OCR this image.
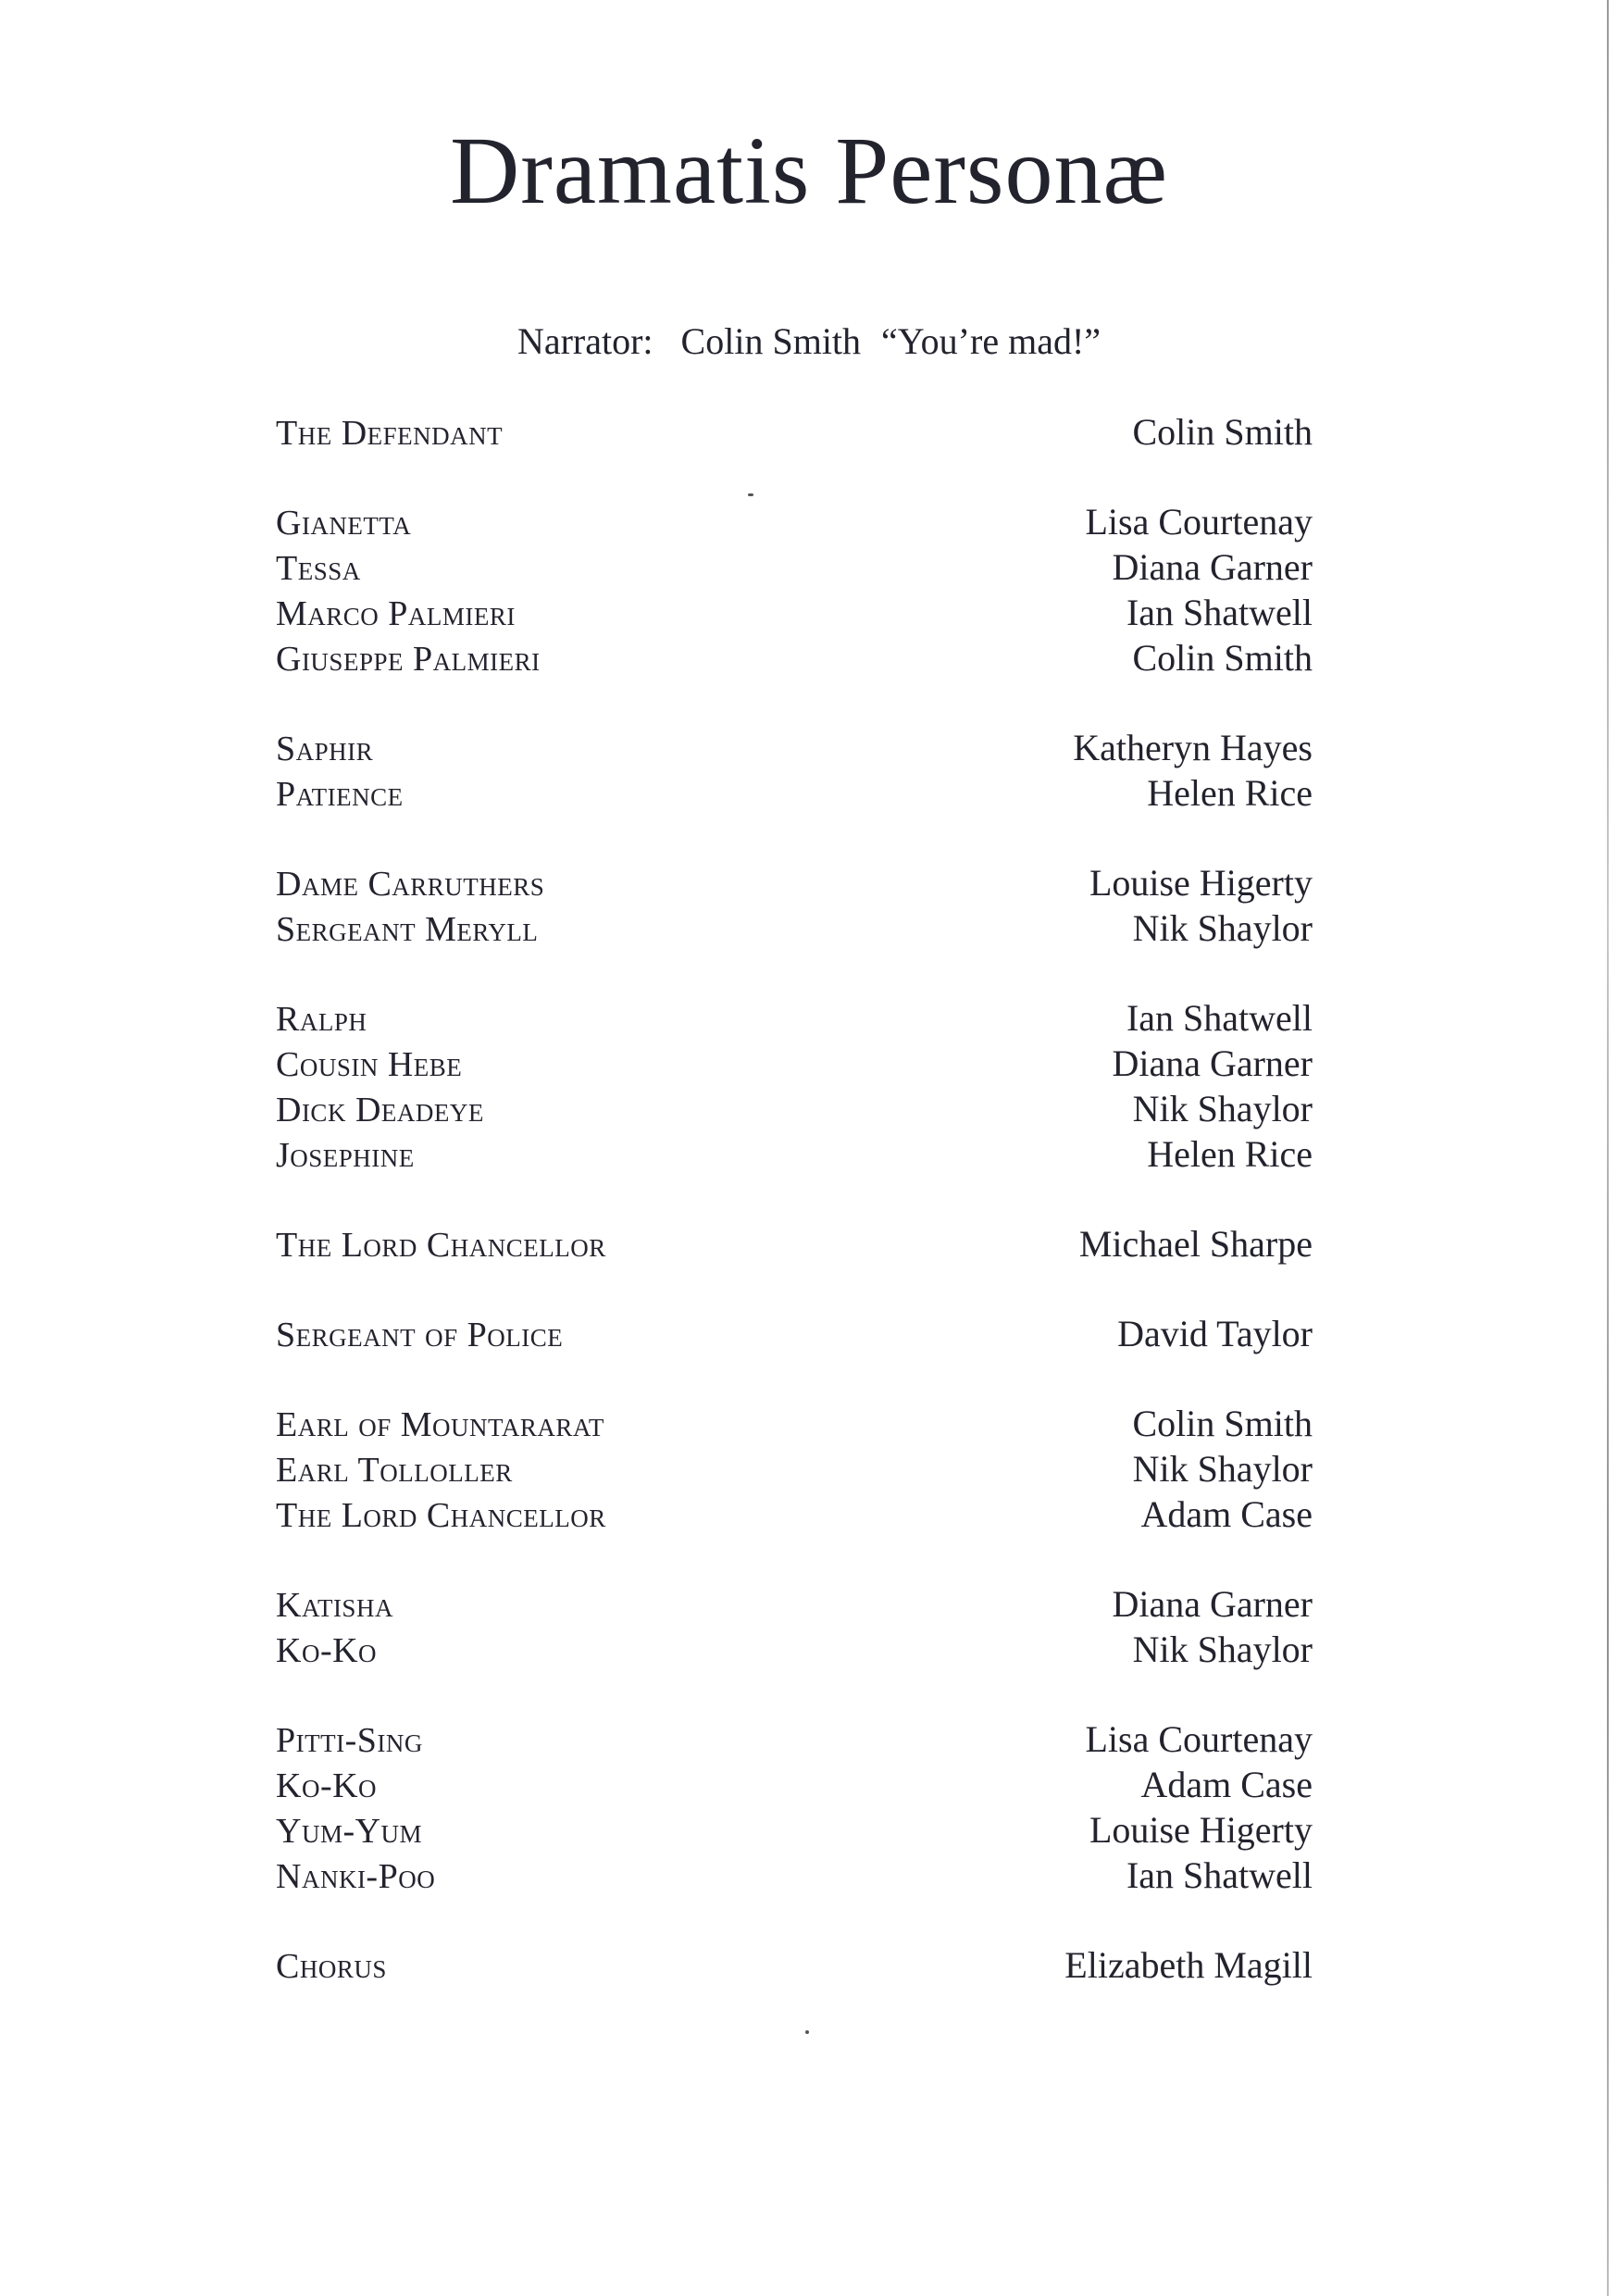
Dramatis Personæ
Narrator: Colin Smith “You’re mad!”
The Defendant	Colin Smith
Gianetta	Lisa Courtenay
Tessa	Diana Garner
Marco Palmieri	Ian Shatwell
Giuseppe Palmieri	Colin Smith
Saphir	Katheryn Hayes
Patience	Helen Rice
Dame Carruthers	Louise Higerty
Sergeant Meryll	Nik Shaylor
Ralph	Ian Shatwell
Cousin Hebe	Diana Garner
Dick Deadeye	Nik Shaylor
Josephine	Helen Rice
The Lord Chancellor	Michael Sharpe
Sergeant of Police	David Taylor
Earl of Mountararat	Colin Smith
Earl Tolloller	Nik Shaylor
The Lord Chancellor	Adam Case
Katisha	Diana Garner
Ko-Ko	Nik Shaylor
Pitti-Sing	Lisa Courtenay
Ko-Ko	Adam Case
Yum-Yum	Louise Higerty
Nanki-Poo	Ian Shatwell
Chorus	Elizabeth Magill
